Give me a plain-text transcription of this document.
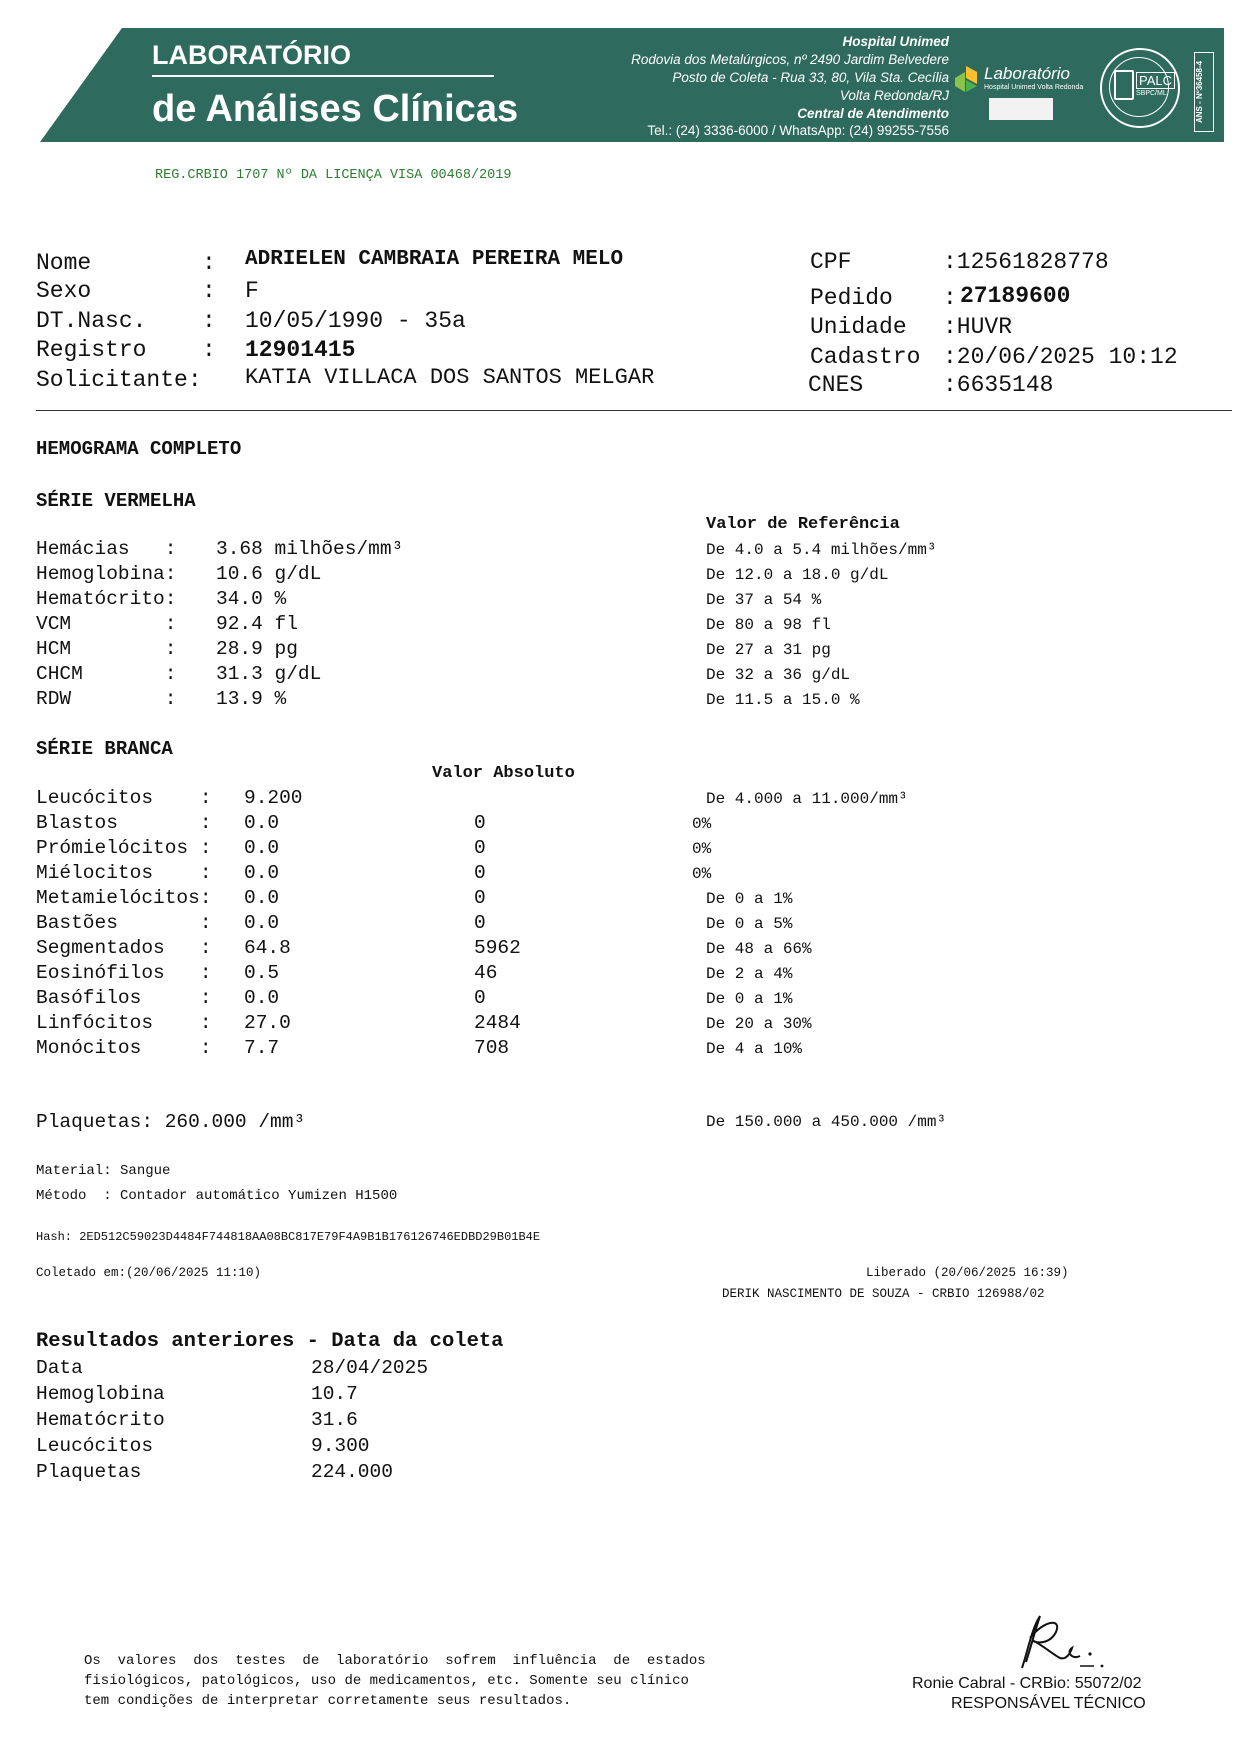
LABORATÓRIO
de Análises Clínicas
Hospital Unimed
Rodovia dos Metalúrgicos, nº 2490 Jardim Belvedere
Posto de Coleta - Rua 33, 80, Vila Sta. Cecília
Volta Redonda/RJ
Central de Atendimento
Tel.: (24) 3336-6000 / WhatsApp: (24) 99255-7556
Laboratório
Hospital Unimed Volta Redonda	PALC
SBPC/ML	ANS - Nº36458-4
REG.CRBIO 1707 Nº DA LICENÇA VISA 00468/2019
Nome	: ADRIELEN CAMBRAIA PEREIRA MELO
Sexo	: F
DT.Nasc. : 10/05/1990 - 35a
Registro : 12901415
Solicitante: KATIA VILLACA DOS SANTOS MELGAR
CPF	:12561828778
Pedido : 27189600
Unidade :HUVR
Cadastro :20/06/2025 10:12
CNES	:6635148
HEMOGRAMA COMPLETO
SÉRIE VERMELHA
Valor de Referência
Hemácias   : 3.68 milhões/mm³	De 4.0 a 5.4 milhões/mm³
Hemoglobina: 10.6 g/dL	De 12.0 a 18.0 g/dL
Hematócrito: 34.0 %	De 37 a 54 %
VCM        : 92.4 fl	De 80 a 98 fl
HCM        : 28.9 pg	De 27 a 31 pg
CHCM       : 31.3 g/dL	De 32 a 36 g/dL
RDW        : 13.9 %	De 11.5 a 15.0 %
SÉRIE BRANCA
Valor Absoluto
Leucócitos    : 9.200	De 4.000 a 11.000/mm³
Blastos       : 0.0	0	0%
Prómielócitos : 0.0	0	0%
Miélocitos    : 0.0	0	0%
Metamielócitos: 0.0	0	De 0 a 1%
Bastões       : 0.0	0	De 0 a 5%
Segmentados   : 64.8	5962	De 48 a 66%
Eosinófilos   : 0.5	46	De 2 a 4%
Basófilos     : 0.0	0	De 0 a 1%
Linfócitos    : 27.0	2484	De 20 a 30%
Monócitos     : 7.7	708	De 4 a 10%
Plaquetas: 260.000 /mm³	De 150.000 a 450.000 /mm³
Material: Sangue
Método  : Contador automático Yumizen H1500
Hash: 2ED512C59023D4484F744818AA08BC817E79F4A9B1B176126746EDBD29B01B4E
Coletado em:(20/06/2025 11:10)	Liberado (20/06/2025 16:39)
DERIK NASCIMENTO DE SOUZA - CRBIO 126988/02
Resultados anteriores - Data da coleta
Data	28/04/2025
Hemoglobina	10.7
Hematócrito	31.6
Leucócitos	9.300
Plaquetas	224.000
Os  valores  dos  testes  de  laboratório  sofrem  influência  de  estados
fisiológicos, patológicos, uso de medicamentos, etc. Somente seu clínico
tem condições de interpretar corretamente seus resultados.
Ronie Cabral - CRBio: 55072/02
RESPONSÁVEL TÉCNICO
